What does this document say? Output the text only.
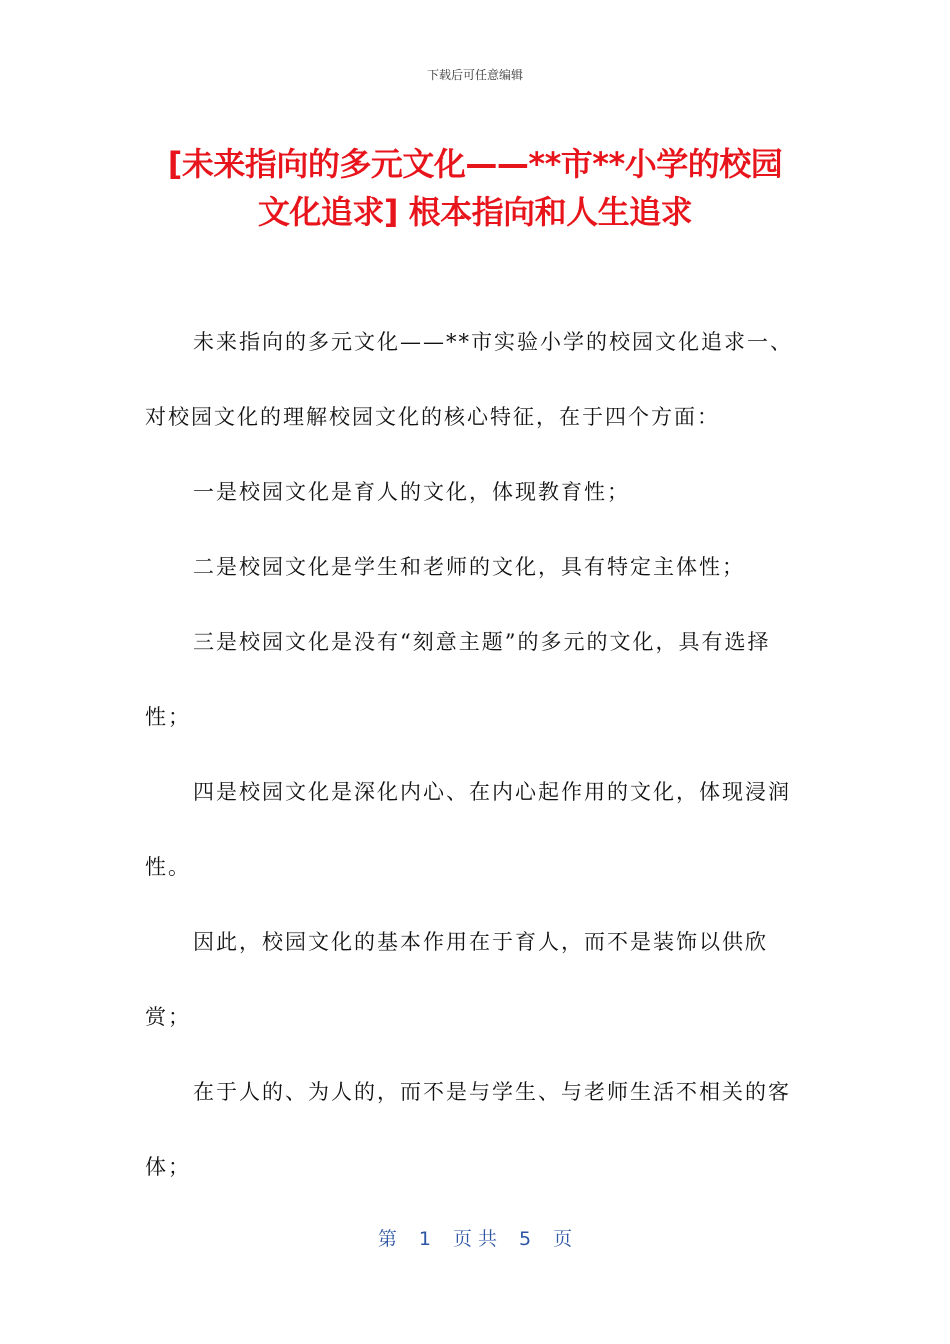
下载后可任意编辑
[未来指向的多元文化——**市**小学的校园
文化追求] 根本指向和人生追求

未来指向的多元文化——**市实验小学的校园文化追求一、对校园文化的理解校园文化的核心特征，在于四个方面：

一是校园文化是育人的文化，体现教育性；

二是校园文化是学生和老师的文化，具有特定主体性；

三是校园文化是没有“刻意主题”的多元的文化，具有选择性；

四是校园文化是深化内心、在内心起作用的文化，体现浸润性。

因此，校园文化的基本作用在于育人，而不是装饰以供欣赏；

在于人的、为人的，而不是与学生、与老师生活不相关的客体；

第 1 页 共 5 页
